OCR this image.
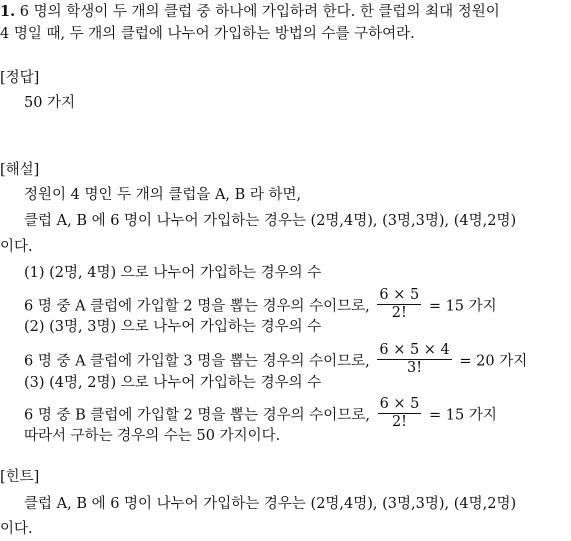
1. 6 명의 학생이 두 개의 클럽 중 하나에 가입하려 한다. 한 클럽의 최대 정원이
4 명일 때, 두 개의 클럽에 나누어 가입하는 방법의 수를 구하여라.
[정답]
50 가지
[해설]
정원이 4 명인 두 개의 클럽을 A, B 라 하면,
클럽 A, B 에 6 명이 나누어 가입하는 경우는 (2명,4명), (3명,3명), (4명,2명)
이다.
(1) (2명, 4명) 으로 나누어 가입하는 경우의 수
6 명 중 A 클럽에 가입할 2 명을 뽑는 경우의 수이므로, $\frac{6 \times 5}{2!} = 15$ 가지
(2) (3명, 3명) 으로 나누어 가입하는 경우의 수
6 명 중 A 클럽에 가입할 3 명을 뽑는 경우의 수이므로, $\frac{6 \times 5 \times 4}{3!} = 20$ 가지
(3) (4명, 2명) 으로 나누어 가입하는 경우의 수
6 명 중 B 클럽에 가입할 2 명을 뽑는 경우의 수이므로, $\frac{6 \times 5}{2!} = 15$ 가지
따라서 구하는 경우의 수는 50 가지이다.
[힌트]
클럽 A, B 에 6 명이 나누어 가입하는 경우는 (2명,4명), (3명,3명), (4명,2명)
이다.
